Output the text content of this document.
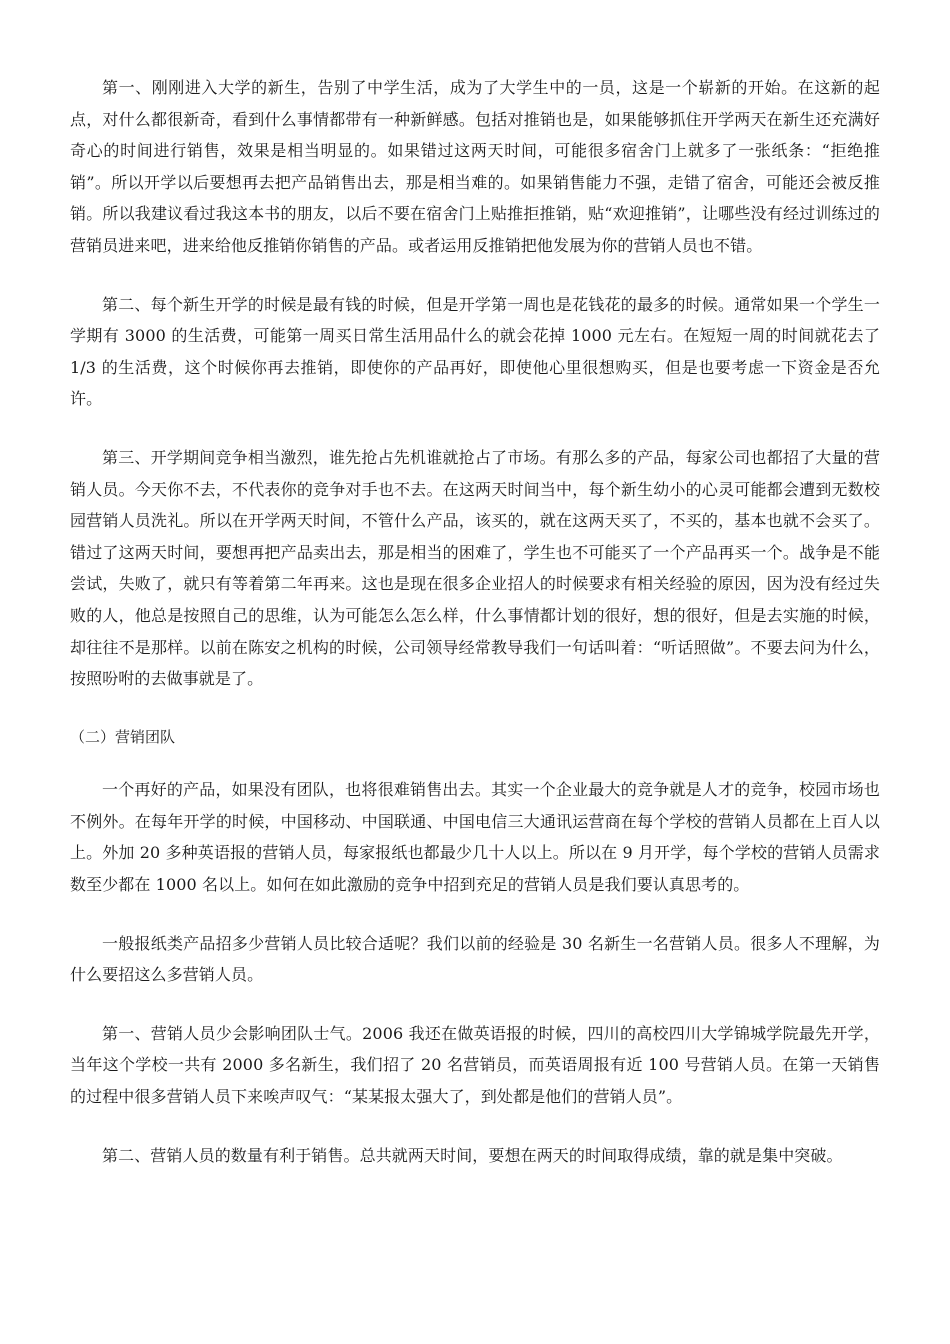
第一、刚刚进入大学的新生，告别了中学生活，成为了大学生中的一员，这是一个崭新的开始。在这新的起点，对什么都很新奇，看到什么事情都带有一种新鲜感。包括对推销也是，如果能够抓住开学两天在新生还充满好奇心的时间进行销售，效果是相当明显的。如果错过这两天时间，可能很多宿舍门上就多了一张纸条：“拒绝推销”。所以开学以后要想再去把产品销售出去，那是相当难的。如果销售能力不强，走错了宿舍，可能还会被反推销。所以我建议看过我这本书的朋友，以后不要在宿舍门上贴推拒推销，贴“欢迎推销”，让哪些没有经过训练过的营销员进来吧，进来给他反推销你销售的产品。或者运用反推销把他发展为你的营销人员也不错。

第二、每个新生开学的时候是最有钱的时候，但是开学第一周也是花钱花的最多的时候。通常如果一个学生一学期有 3000 的生活费，可能第一周买日常生活用品什么的就会花掉 1000 元左右。在短短一周的时间就花去了 1/3 的生活费，这个时候你再去推销，即使你的产品再好，即使他心里很想购买，但是也要考虑一下资金是否允许。

第三、开学期间竞争相当激烈，谁先抢占先机谁就抢占了市场。有那么多的产品，每家公司也都招了大量的营销人员。今天你不去，不代表你的竞争对手也不去。在这两天时间当中，每个新生幼小的心灵可能都会遭到无数校园营销人员洗礼。所以在开学两天时间，不管什么产品，该买的，就在这两天买了，不买的，基本也就不会买了。错过了这两天时间，要想再把产品卖出去，那是相当的困难了，学生也不可能买了一个产品再买一个。战争是不能尝试，失败了，就只有等着第二年再来。这也是现在很多企业招人的时候要求有相关经验的原因，因为没有经过失败的人，他总是按照自己的思维，认为可能怎么怎么样，什么事情都计划的很好，想的很好，但是去实施的时候，却往往不是那样。以前在陈安之机构的时候，公司领导经常教导我们一句话叫着：“听话照做”。不要去问为什么，按照吩咐的去做事就是了。

（二）营销团队

一个再好的产品，如果没有团队，也将很难销售出去。其实一个企业最大的竞争就是人才的竞争，校园市场也不例外。在每年开学的时候，中国移动、中国联通、中国电信三大通讯运营商在每个学校的营销人员都在上百人以上。外加 20 多种英语报的营销人员，每家报纸也都最少几十人以上。所以在 9 月开学，每个学校的营销人员需求数至少都在 1000 名以上。如何在如此激励的竞争中招到充足的营销人员是我们要认真思考的。

一般报纸类产品招多少营销人员比较合适呢？我们以前的经验是 30 名新生一名营销人员。很多人不理解，为什么要招这么多营销人员。

第一、营销人员少会影响团队士气。2006 我还在做英语报的时候，四川的高校四川大学锦城学院最先开学，当年这个学校一共有 2000 多名新生，我们招了 20 名营销员，而英语周报有近 100 号营销人员。在第一天销售的过程中很多营销人员下来唉声叹气：“某某报太强大了，到处都是他们的营销人员”。

第二、营销人员的数量有利于销售。总共就两天时间，要想在两天的时间取得成绩，靠的就是集中突破。
